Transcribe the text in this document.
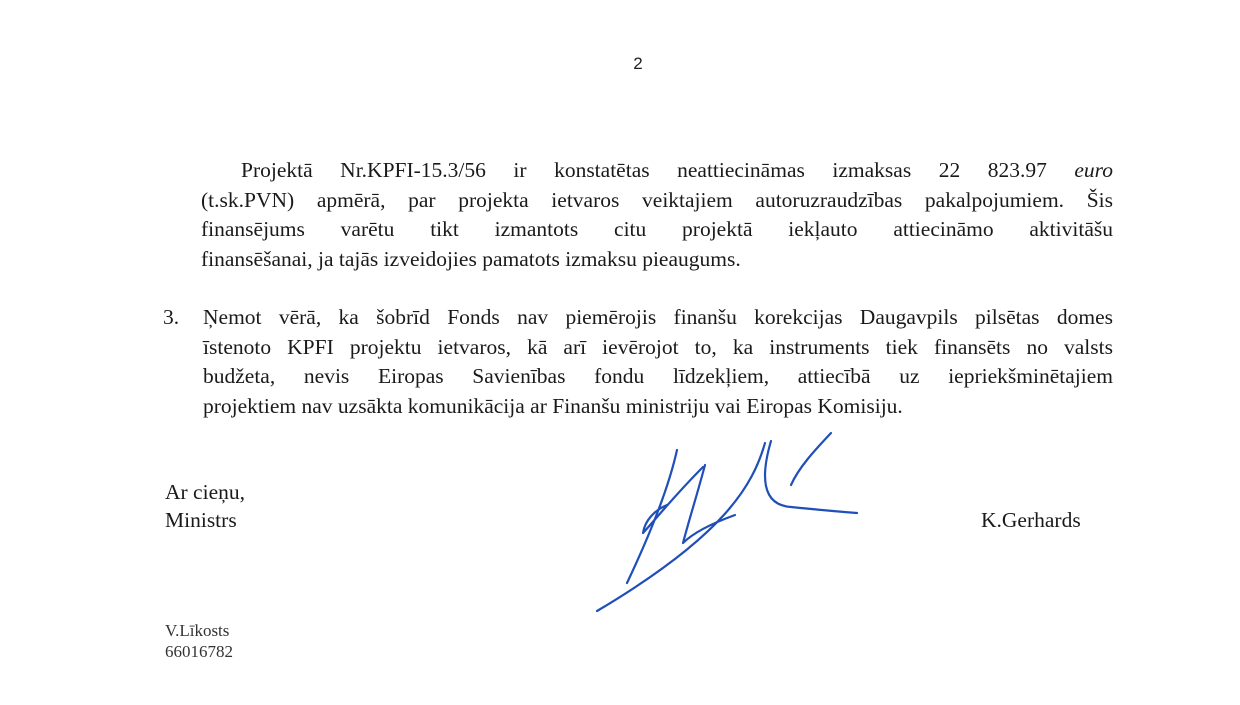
2
Projektā Nr.KPFI-15.3/56 ir konstatētas neattiecināmas izmaksas 22 823.97 euro
(t.sk.PVN) apmērā, par projekta ietvaros veiktajiem autoruzraudzības pakalpojumiem. Šis
finansējums varētu tikt izmantots citu projektā iekļauto attiecināmo aktivitāšu
finansēšanai, ja tajās izveidojies pamatots izmaksu pieaugums.
3. Ņemot vērā, ka šobrīd Fonds nav piemērojis finanšu korekcijas Daugavpils pilsētas domes
īstenoto KPFI projektu ietvaros, kā arī ievērojot to, ka instruments tiek finansēts no valsts
budžeta, nevis Eiropas Savienības fondu līdzekļiem, attiecībā uz iepriekšminētajiem
projektiem nav uzsākta komunikācija ar Finanšu ministriju vai Eiropas Komisiju.
Ar cieņu,
Ministrs	K.Gerhards
V.Līkosts
66016782
